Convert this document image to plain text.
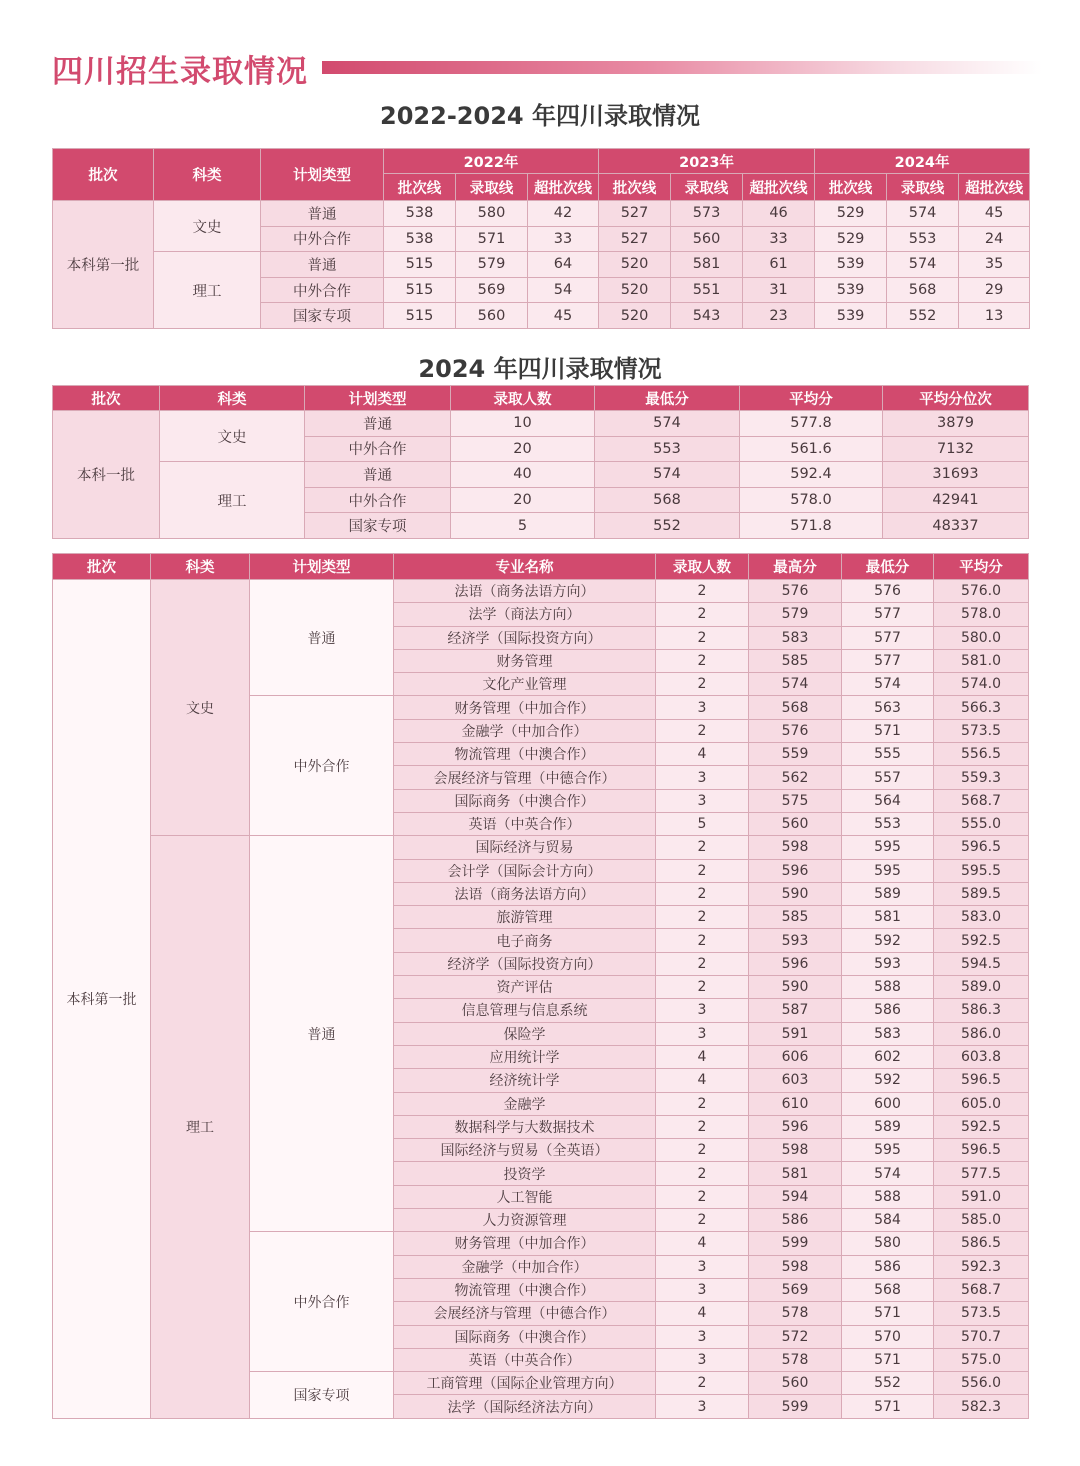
四川招生录取情况
2022-2024 年四川录取情况
批次	科类	计划类型	2022年			2023年			2024年		
			批次线	录取线	超批次线	批次线	录取线	超批次线	批次线	录取线	超批次线
本科第一批	文史	普通	538	580	42	527	573	46	529	574	45
		中外合作	538	571	33	527	560	33	529	553	24
	理工	普通	515	579	64	520	581	61	539	574	35
		中外合作	515	569	54	520	551	31	539	568	29
		国家专项	515	560	45	520	543	23	539	552	13
2024 年四川录取情况
批次	科类	计划类型	录取人数	最低分	平均分	平均分位次
本科一批	文史	普通	10	574	577.8	3879
		中外合作	20	553	561.6	7132
	理工	普通	40	574	592.4	31693
		中外合作	20	568	578.0	42941
		国家专项	5	552	571.8	48337
批次	科类	计划类型	专业名称	录取人数	最高分	最低分	平均分
本科第一批	文史	普通	法语（商务法语方向）	2	576	576	576.0
			法学（商法方向）	2	579	577	578.0
			经济学（国际投资方向）	2	583	577	580.0
			财务管理	2	585	577	581.0
			文化产业管理	2	574	574	574.0
		中外合作	财务管理（中加合作）	3	568	563	566.3
			金融学（中加合作）	2	576	571	573.5
			物流管理（中澳合作）	4	559	555	556.5
			会展经济与管理（中德合作）	3	562	557	559.3
			国际商务（中澳合作）	3	575	564	568.7
			英语（中英合作）	5	560	553	555.0
	理工	普通	国际经济与贸易	2	598	595	596.5
			会计学（国际会计方向）	2	596	595	595.5
			法语（商务法语方向）	2	590	589	589.5
			旅游管理	2	585	581	583.0
			电子商务	2	593	592	592.5
			经济学（国际投资方向）	2	596	593	594.5
			资产评估	2	590	588	589.0
			信息管理与信息系统	3	587	586	586.3
			保险学	3	591	583	586.0
			应用统计学	4	606	602	603.8
			经济统计学	4	603	592	596.5
			金融学	2	610	600	605.0
			数据科学与大数据技术	2	596	589	592.5
			国际经济与贸易（全英语）	2	598	595	596.5
			投资学	2	581	574	577.5
			人工智能	2	594	588	591.0
			人力资源管理	2	586	584	585.0
		中外合作	财务管理（中加合作）	4	599	580	586.5
			金融学（中加合作）	3	598	586	592.3
			物流管理（中澳合作）	3	569	568	568.7
			会展经济与管理（中德合作）	4	578	571	573.5
			国际商务（中澳合作）	3	572	570	570.7
			英语（中英合作）	3	578	571	575.0
		国家专项	工商管理（国际企业管理方向）	2	560	552	556.0
			法学（国际经济法方向）	3	599	571	582.3
